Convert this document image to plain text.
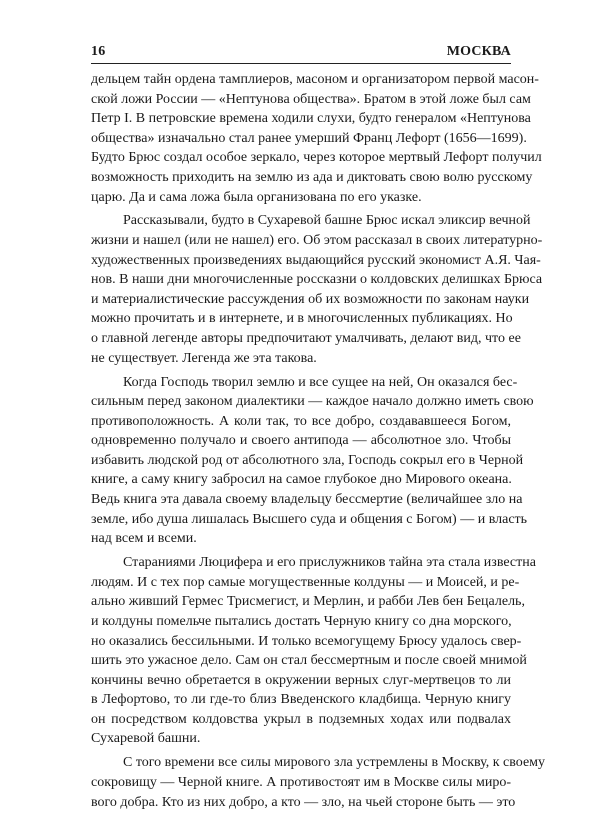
16	МОСКВА

дельцем тайн ордена тамплиеров, масоном и организатором первой масон-
ской ложи России — «Нептунова общества». Братом в этой ложе был сам
Петр I. В петровские времена ходили слухи, будто генералом «Нептунова
общества» изначально стал ранее умерший Франц Лефорт (1656—1699).
Будто Брюс создал особое зеркало, через которое мертвый Лефорт получил
возможность приходить на землю из ада и диктовать свою волю русскому
царю. Да и сама ложа была организована по его указке.

Рассказывали, будто в Сухаревой башне Брюс искал эликсир вечной
жизни и нашел (или не нашел) его. Об этом рассказал в своих литературно-
художественных произведениях выдающийся русский экономист А.Я. Чая-
нов. В наши дни многочисленные россказни о колдовских делишках Брюса
и материалистические рассуждения об их возможности по законам науки
можно прочитать и в интернете, и в многочисленных публикациях. Но
о главной легенде авторы предпочитают умалчивать, делают вид, что ее
не существует. Легенда же эта такова.

Когда Господь творил землю и все сущее на ней, Он оказался бес-
сильным перед законом диалектики — каждое начало должно иметь свою
противоположность. А коли так, то все добро, создававшееся Богом,
одновременно получало и своего антипода — абсолютное зло. Чтобы
избавить людской род от абсолютного зла, Господь сокрыл его в Черной
книге, а саму книгу забросил на самое глубокое дно Мирового океана.
Ведь книга эта давала своему владельцу бессмертие (величайшее зло на
земле, ибо душа лишалась Высшего суда и общения с Богом) — и власть
над всем и всеми.

Стараниями Люцифера и его прислужников тайна эта стала известна
людям. И с тех пор самые могущественные колдуны — и Моисей, и ре-
ально живший Гермес Трисмегист, и Мерлин, и рабби Лев бен Бецалель,
и колдуны помельче пытались достать Черную книгу со дна морского,
но оказались бессильными. И только всемогущему Брюсу удалось свер-
шить это ужасное дело. Сам он стал бессмертным и после своей мнимой
кончины вечно обретается в окружении верных слуг-мертвецов то ли
в Лефортово, то ли где-то близ Введенского кладбища. Черную книгу
он посредством колдовства укрыл в подземных ходах или подвалах
Сухаревой башни.

С того времени все силы мирового зла устремлены в Москву, к своему
сокровищу — Черной книге. А противостоят им в Москве силы миро-
вого добра. Кто из них добро, а кто — зло, на чьей стороне быть — это
